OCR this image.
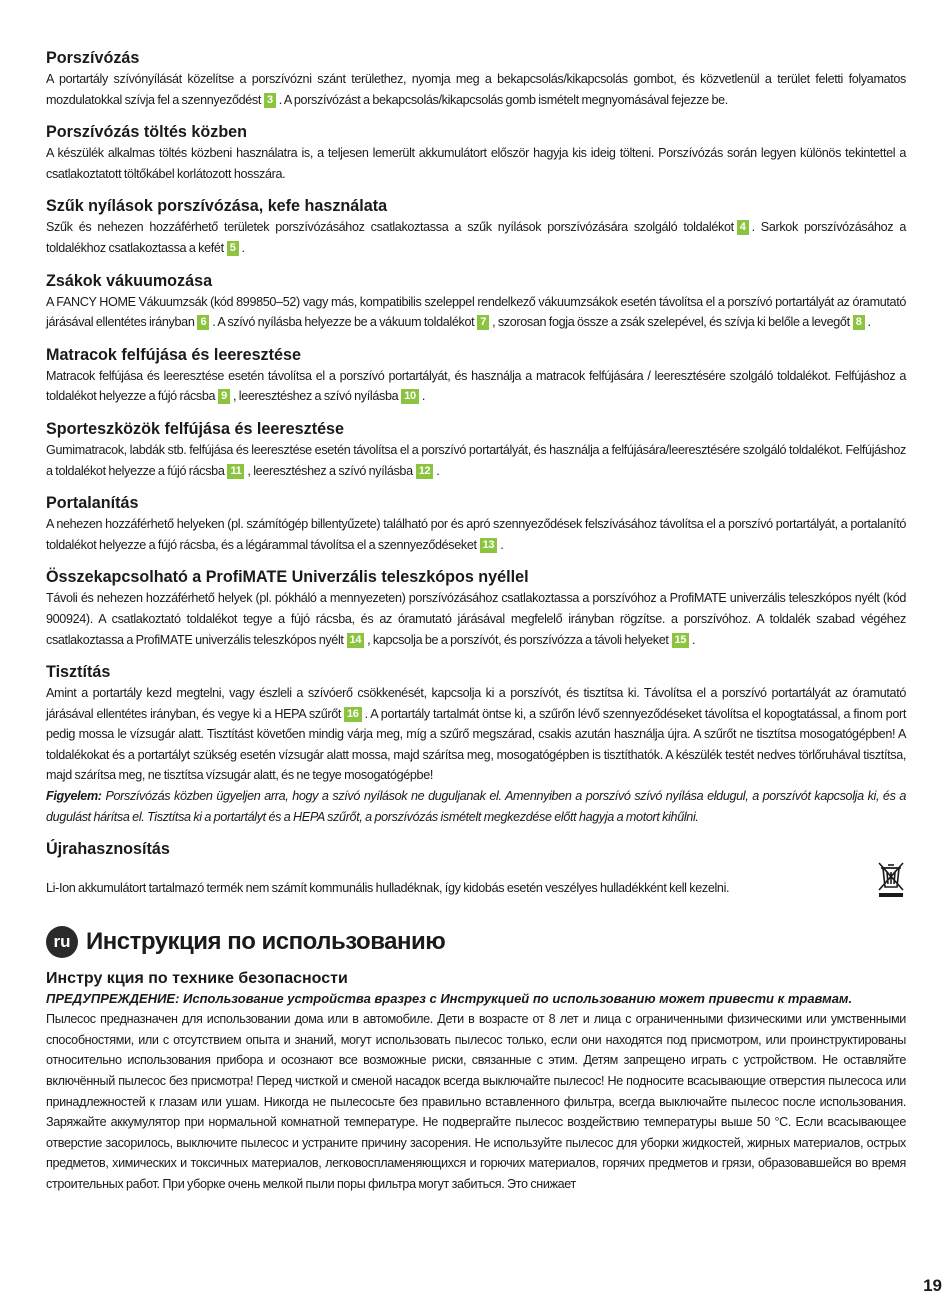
Porszívózás

A portartály szívónyílását közelítse a porszívózni szánt területhez, nyomja meg a bekapcsolás/kikapcsolás gombot, és közvetlenül a terület feletti folyamatos mozdulatokkal szívja fel a szennyeződést 3 . A porszívózást a bekapcsolás/kikapcsolás gomb ismételt megnyomásával fejezze be.

Porszívózás töltés közben

A készülék alkalmas töltés közbeni használatra is, a teljesen lemerült akkumulátort először hagyja kis ideig tölteni. Porszívózás során legyen különös tekintettel a csatlakoztatott töltőkábel korlátozott hosszára.

Szűk nyílások porszívózása, kefe használata

Szűk és nehezen hozzáférhető területek porszívózásához csatlakoztassa a szűk nyílások porszívózására szolgáló toldalékot 4 . Sarkok porszívózásához a toldalékhoz csatlakoztassa a kefét 5 .

Zsákok vákuumozása

A FANCY HOME Vákuumzsák (kód 899850–52) vagy más, kompatibilis szeleppel rendelkező vákuumzsákok esetén távolítsa el a porszívó portartályát az óramutató járásával ellentétes irányban 6 . A szívó nyílásba helyezze be a vákuum toldalékot 7 , szorosan fogja össze a zsák szelepével, és szívja ki belőle a levegőt 8 .

Matracok felfújása és leeresztése

Matracok felfújása és leeresztése esetén távolítsa el a porszívó portartályát, és használja a matracok felfújására / leeresztésére szolgáló toldalékot. Felfújáshoz a toldalékot helyezze a fújó rácsba 9 , leeresztéshez a szívó nyílásba 10 .

Sporteszközök felfújása és leeresztése

Gumimatracok, labdák stb. felfújása és leeresztése esetén távolítsa el a porszívó portartályát, és használja a felfújására/leeresztésére szolgáló toldalékot. Felfújáshoz a toldalékot helyezze a fújó rácsba 11 , leeresztéshez a szívó nyílásba 12 .

Portalanítás

A nehezen hozzáférhető helyeken (pl. számítógép billentyűzete) található por és apró szennyeződések felszívásához távolítsa el a porszívó portartályát, a portalanító toldalékot helyezze a fújó rácsba, és a légárammal távolítsa el a szennyeződéseket 13 .

Összekapcsolható a ProfiMATE Univerzális teleszkópos nyéllel

Távoli és nehezen hozzáférhető helyek (pl. pókháló a mennyezeten) porszívózásához csatlakoztassa a porszívóhoz a ProfiMATE univerzális teleszkópos nyélt (kód 900924). A csatlakoztató toldalékot tegye a fújó rácsba, és az óramutató járásával megfelelő irányban rögzítse. a porszívóhoz. A toldalék szabad végéhez csatlakoztassa a ProfiMATE univerzális teleszkópos nyélt 14 , kapcsolja be a porszívót, és porszívózza a távoli helyeket 15 .

Tisztítás

Amint a portartály kezd megtelni, vagy észleli a szívóerő csökkenését, kapcsolja ki a porszívót, és tisztítsa ki. Távolítsa el a porszívó portartályát az óramutató járásával ellentétes irányban, és vegye ki a HEPA szűrőt 16 . A portartály tartalmát öntse ki, a szűrőn lévő szennyeződéseket távolítsa el kopogtatással, a finom port pedig mossa le vízsugár alatt. Tisztítást követően mindig várja meg, míg a szűrő megszárad, csakis azután használja újra. A szűrőt ne tisztítsa mosogatógépben! A toldalékokat és a portartályt szükség esetén vízsugár alatt mossa, majd szárítsa meg, mosogatógépben is tisztíthatók. A készülék testét nedves törlőruhával tisztítsa, majd szárítsa meg, ne tisztítsa vízsugár alatt, és ne tegye mosogatógépbe!

Figyelem: Porszívózás közben ügyeljen arra, hogy a szívó nyílások ne duguljanak el. Amennyiben a porszívó szívó nyílása eldugul, a porszívót kapcsolja ki, és a dugulást hárítsa el. Tisztítsa ki a portartályt és a HEPA szűrőt, a porszívózás ismételt megkezdése előtt hagyja a motort kihűlni.

Újrahasznosítás

Li-Ion akkumulátort tartalmazó termék nem számít kommunális hulladéknak, így kidobás esetén veszélyes hulladékként kell kezelni.

ru Инструкция по использованию
Инстру кция по технике безопасности

ПРЕДУПРЕЖДЕНИЕ: Использование устройства вразрез с Инструкцией по использованию может привести к травмам.

Пылесос предназначен для использовании дома или в автомобиле. Дети в возрасте от 8 лет и лица с ограниченными физическими или умственными способностями, или с отсутствием опыта и знаний, могут использовать пылесос только, если они находятся под присмотром, или проинструктированы относительно использования прибора и осознают все возможные риски, связанные с этим. Детям запрещено играть с устройством. Не оставляйте включённый пылесос без присмотра! Перед чисткой и сменой насадок всегда выключайте пылесос! Не подносите всасывающие отверстия пылесоса или принадлежностей к глазам или ушам. Никогда не пылесосьте без правильно вставленного фильтра, всегда выключайте пылесос после использования. Заряжайте аккумулятор при нормальной комнатной температуре. Не подвергайте пылесос воздействию температуры выше 50 °C. Если всасывающее отверстие засорилось, выключите пылесос и устраните причину засорения. Не используйте пылесос для уборки жидкостей, жирных материалов, острых предметов, химических и токсичных материалов, легковоспламеняющихся и горючих материалов, горячих предметов и грязи, образовавшейся во время строительных работ. При уборке очень мелкой пыли поры фильтра могут забиться. Это снижает

19
